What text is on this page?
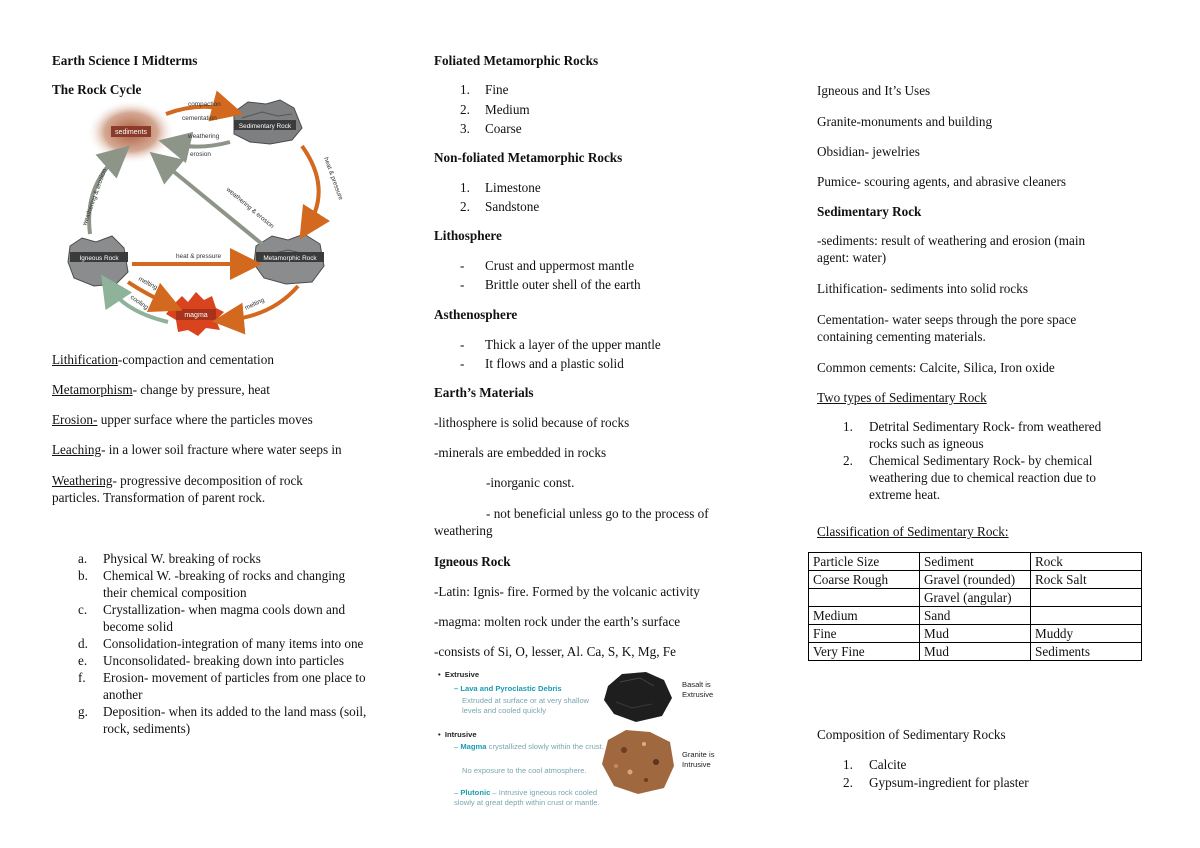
Earth Science I Midterms
The Rock Cycle
sediments
Sedimentary Rock
Igneous Rock	Metamorphic Rock
magma
compaction
cementation
weathering
erosion
heat & pressure
weathering & erosion
weathering & erosion
heat & pressure
melting
melting
cooling
Lithification-compaction and cementation
Metamorphism- change by pressure, heat
Erosion- upper surface where the particles moves
Leaching- in a lower soil fracture where water seeps in
Weathering- progressive decomposition of rock particles. Transformation of parent rock.
a. Physical W. breaking of rocks
b. Chemical W. -breaking of rocks and changing their chemical composition
c. Crystallization- when magma cools down and become solid
d. Consolidation-integration of many items into one
e. Unconsolidated- breaking down into particles
f. Erosion- movement of particles from one place to another
g. Deposition- when its added to the land mass (soil, rock, sediments)
Foliated Metamorphic Rocks
1. Fine
2. Medium
3. Coarse
Non-foliated Metamorphic Rocks
1. Limestone
2. Sandstone
Lithosphere
- Crust and uppermost mantle
- Brittle outer shell of the earth
Asthenosphere
- Thick a layer of the upper mantle
- It flows and a plastic solid
Earth’s Materials
-lithosphere is solid because of rocks
-minerals are embedded in rocks
-inorganic const.
- not beneficial unless go to the process of weathering
Igneous Rock
-Latin: Ignis- fire. Formed by the volcanic activity
-magma: molten rock under the earth’s surface
-consists of Si, O, lesser, Al. Ca, S, K, Mg, Fe
•  Extrusive
– Lava and Pyroclastic Debris
Extruded at surface or at very shallow levels and cooled quickly
Basalt is Extrusive
•  Intrusive
– Magma crystallized slowly within the crust.
No exposure to the cool atmosphere.
– Plutonic – Intrusive igneous rock cooled slowly at great depth within crust or mantle.
Granite is Intrusive
Igneous and It’s Uses
Granite-monuments and building
Obsidian- jewelries
Pumice- scouring agents, and abrasive cleaners
Sedimentary Rock
-sediments: result of weathering and erosion (main agent: water)
Lithification- sediments into solid rocks
Cementation- water seeps through the pore space containing cementing materials.
Common cements: Calcite, Silica, Iron oxide
Two types of Sedimentary Rock
1. Detrital Sedimentary Rock- from weathered rocks such as igneous
2. Chemical Sedimentary Rock- by chemical weathering due to chemical reaction due to extreme heat.
Classification of Sedimentary Rock:
Particle Size	Sediment	Rock
Coarse Rough	Gravel (rounded)	Rock Salt
	Gravel (angular)	
Medium	Sand	
Fine	Mud	Muddy
Very Fine	Mud	Sediments
Composition of Sedimentary Rocks
1. Calcite
2. Gypsum-ingredient for plaster
